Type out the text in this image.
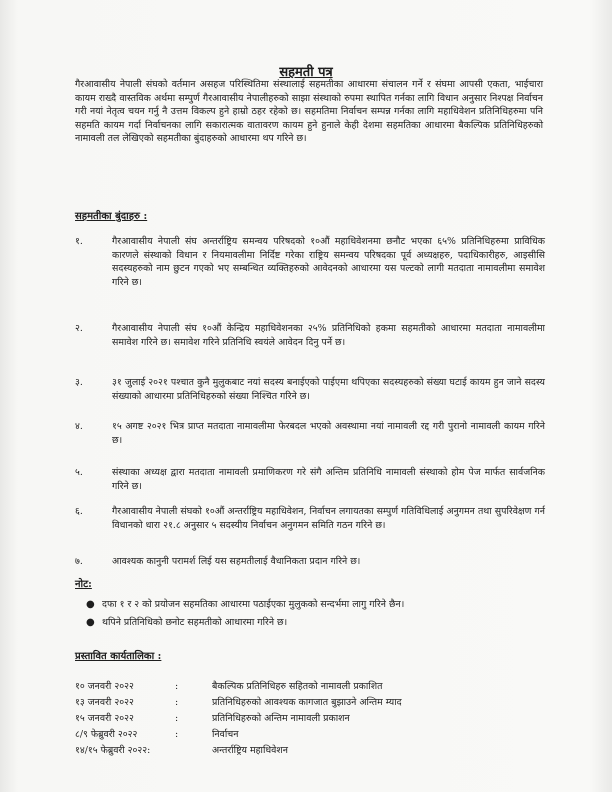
सहमती पत्र
गैरआवासीय नेपाली संघको वर्तमान असहज परिस्थितिमा संस्थालाई सहमतीका आधारमा संचालन गर्ने र संघमा आपसी एकता, भाईचारा कायम राख्दै वास्तविक अर्थमा सम्पुर्ण गैरआवासीय नेपालीहरुको साझा संस्थाको रुपमा स्थापित गर्नका लागि विधान अनुसार निश्पक्ष निर्वाचन गरी नयां नेतृत्व चयन गर्नु नै उत्तम विकल्प हुने हाम्रो ठहर रहेको छ। सहमतिमा निर्वाचन सम्पन्न गर्नका लागि महाधिवेशन प्रतिनिधिहरुमा पनि सहमति कायम गर्दा निर्वाचनका लागि सकारात्मक वातावरण कायम हुने हुनाले केही देशमा सहमतिका आधारमा बैकल्पिक प्रतिनिधिहरुको नामावली तल लेखिएको सहमतीका बुंदाहरुको आधारमा थप गरिने छ।
सहमतीका बुंदाहरु :
१.	गैरआवासीय नेपाली संघ अन्तर्राष्ट्रिय समन्वय परिषदको १०औं महाधिवेशनमा छनौट भएका ६५% प्रतिनिधिहरुमा प्राविधिक कारणले संस्थाको विधान र नियमावलीमा निर्दिष्ट गरेका राष्ट्रिय समन्वय परिषदका पूर्व अध्यक्षहरु, पदाधिकारीहरु, आइसीसि सदस्यहरुको नाम छुटन गएको भए सम्बन्धित व्यक्तिहरुको आवेदनको आधारमा यस पल्टको लागी मतदाता नामावलीमा समावेश गरिने छ।
२.	गैरआवासीय नेपाली संघ १०औं केन्द्रिय महाधिवेशनका २५% प्रतिनिधिको हकमा सहमतीको आधारमा मतदाता नामावलीमा समावेश गरिने छ। समावेश गरिने प्रतिनिधि स्वयंले आवेदन दिनु पर्ने छ।
३.	३१ जुलाई २०२१ पश्चात कुनै मुलुकबाट नयां सदस्य बनाईएको पाईएमा थपिएका सदस्यहरुको संख्या घटाई कायम हुन जाने सदस्य संख्याको आधारमा प्रतिनिधिहरुको संख्या निश्चित गरिने छ।
४.	१५ अगष्ट २०२१ भित्र प्राप्त मतदाता नामावलीमा फेरबदल भएको अवस्थामा नयां नामावली रद्द गरी पुरानो नामावली कायम गरिने छ।
५.	संस्थाका अध्यक्ष द्वारा मतदाता नामावली प्रमाणिकरण गरे संगै अन्तिम प्रतिनिधि नामावली संस्थाको होम पेज मार्फत सार्वजनिक गरिने छ।
६.	गैरआवासीय नेपाली संघको १०औं अन्तर्राष्ट्रिय महाधिवेशन, निर्वाचन लगायतका सम्पुर्ण गतिविधिलाई अनुगमन तथा सुपरिवेक्षण गर्न विधानको धारा २१.८ अनुसार ५ सदस्यीय निर्वाचन अनुगमन समिति गठन गरिने छ।
७.	आवश्यक कानुनी परामर्श लिई यस सहमतीलाई वैधानिकता प्रदान गरिने छ।
नोट:
● दफा १ र २ को प्रयोजन सहमतिका आधारमा पठाईएका मुलुकको सन्दर्भमा लागु गरिने छैन।
● थपिने प्रतिनिधिको छनोट सहमतीको आधारमा गरिने छ।
प्रस्तावित कार्यतालिका :
१० जनवरी २०२२	:	बैकल्पिक प्रतिनिधिहरु सहितको नामावली प्रकाशित
१३ जनवरी २०२२	:	प्रतिनिधिहरुको आवश्यक कागजात बुझाउने अन्तिम म्याद
१५ जनवरी २०२२	:	प्रतिनिधिहरुको अन्तिम नामावली प्रकाशन
८/९ फेब्रुवरी २०२२	:	निर्वाचन
१४/१५ फेब्रुवरी २०२२:	अन्तर्राष्ट्रिय महाधिवेशन
